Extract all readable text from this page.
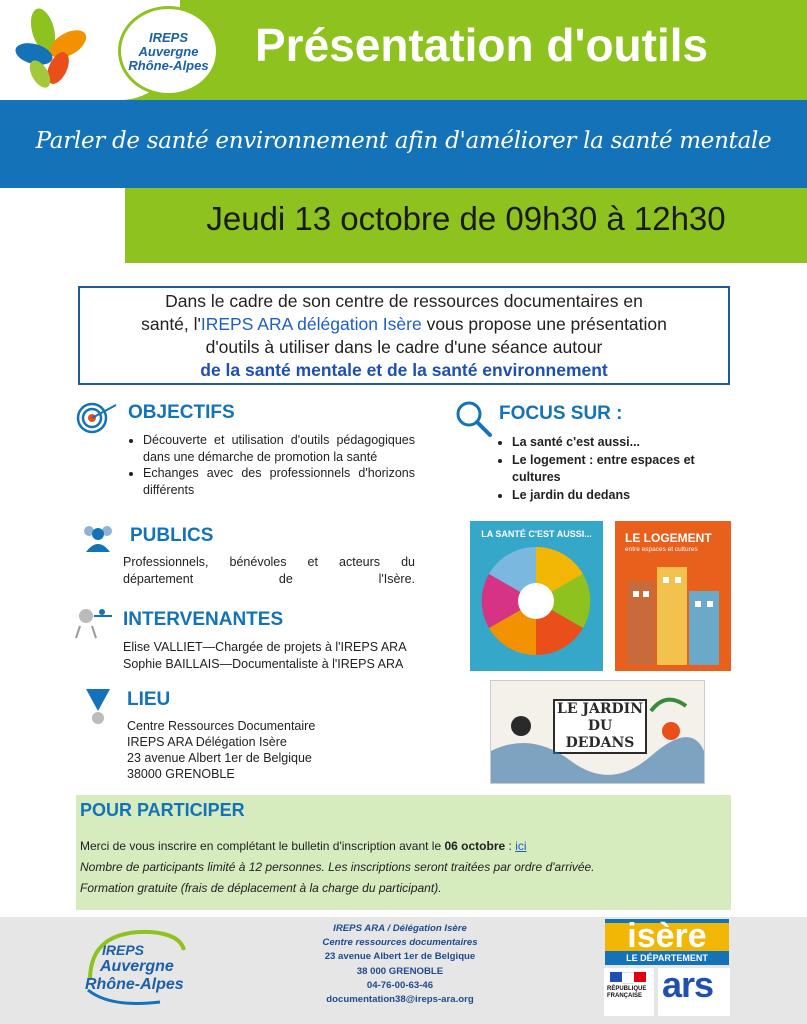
IREPS
Auvergne
Rhône-Alpes Présentation d'outils
Parler de santé environnement afin d'améliorer la santé mentale
Jeudi 13 octobre de 09h30 à 12h30

Dans le cadre de son centre de ressources documentaires en

santé, l'IREPS ARA délégation Isère vous propose une présentation

d'outils à utiliser dans le cadre d'une séance autour

de la santé mentale et de la santé environnement

OBJECTIFS
• Découverte et utilisation d'outils pédagogiques dans une démarche de promotion la santé
• Echanges avec des professionnels d'horizons différents
FOCUS SUR :
• La santé c'est aussi...
• Le logement : entre espaces et cultures
• Le jardin du dedans
PUBLICS
Professionnels, bénévoles et acteurs du département de l'Isère.
INTERVENANTES
Elise VALLIET—Chargée de projets à l'IREPS ARA
Sophie BAILLAIS—Documentaliste à l'IREPS ARA
LIEU
Centre Ressources Documentaire
IREPS ARA Délégation Isère
23 avenue Albert 1er de Belgique
38000 GRENOBLE
LA SANTÉ C'EST AUSSI...	LE LOGEMENT
entre espaces et cultures
LE JARDIN DU DEDANS
POUR PARTICIPER
Merci de vous inscrire en complétant le bulletin d'inscription avant le 06 octobre : ici
Nombre de participants limité à 12 personnes. Les inscriptions seront traitées par ordre d'arrivée.
Formation gratuite (frais de déplacement à la charge du participant).
IREPS
Auvergne
Rhône-Alpes
IREPS ARA / Délégation Isère
Centre ressources documentaires
23 avenue Albert 1er de Belgique
38 000 GRENOBLE
04-76-00-63-46
documentation38@ireps-ara.org
isère
LE DÉPARTEMENT
RÉPUBLIQUE FRANÇAISE ars
